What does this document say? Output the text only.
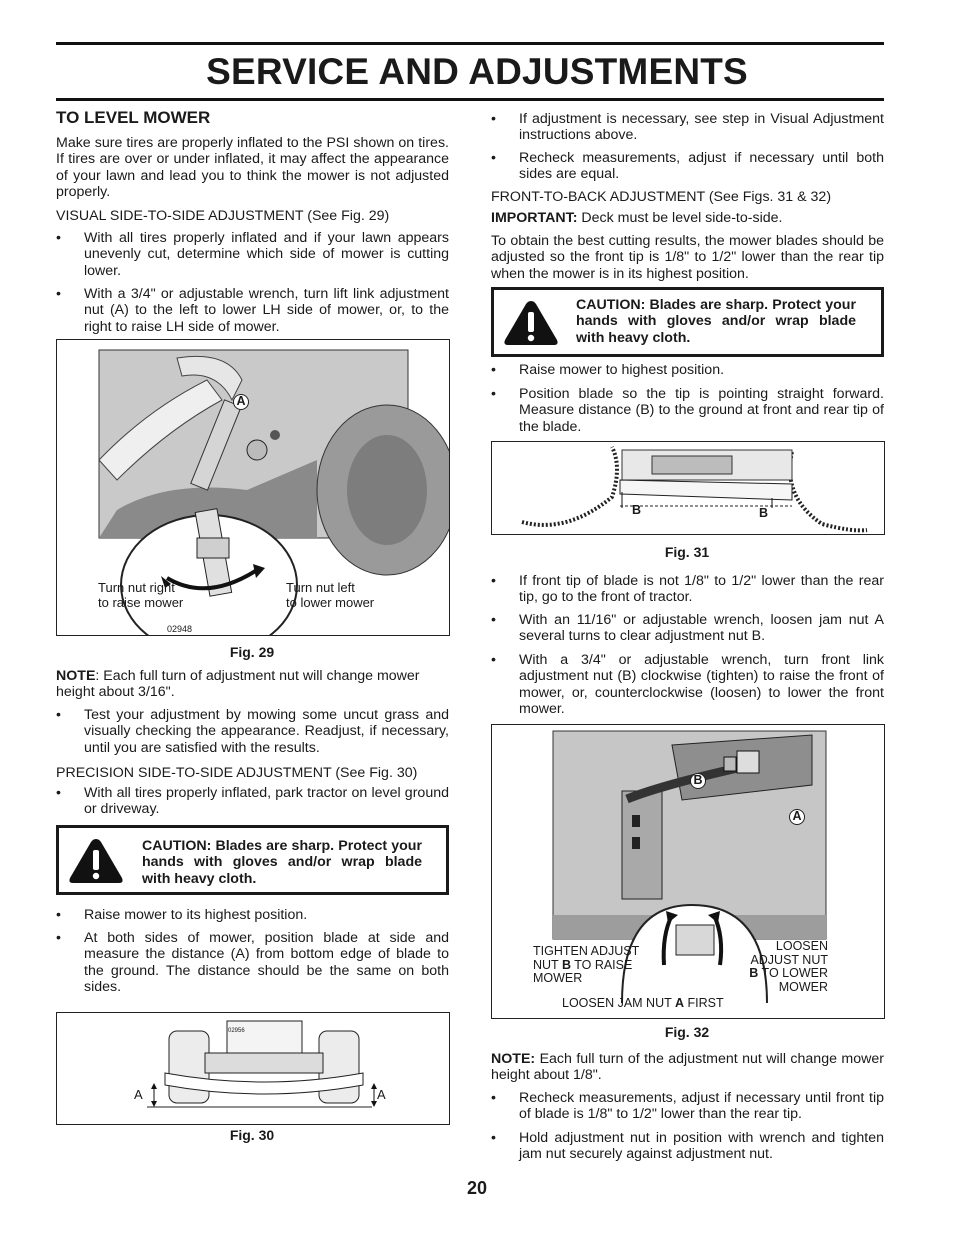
SERVICE AND ADJUSTMENTS
TO LEVEL MOWER
Make sure tires are properly inflated to the PSI shown on tires. If tires are over or under inflated, it may affect the appearance of your lawn and lead you to think the mower is not adjusted properly.
VISUAL SIDE-TO-SIDE ADJUSTMENT (See Fig. 29)
• With all tires properly inflated and if your lawn appears unevenly cut, determine which side of mower is cutting lower.
• With a 3/4" or adjustable wrench, turn lift link adjustment nut (A) to the left to lower LH side of mower, or, to the right to raise LH side of mower.
A
Turn nut right
to raise mower
Turn nut left
to lower mower
02948
Fig. 29
NOTE: Each full turn of adjustment nut will change mower height about 3/16".
• Test your adjustment by mowing some uncut grass and visually checking the appearance. Readjust, if necessary, until you are satisfied with the results.
PRECISION SIDE-TO-SIDE ADJUSTMENT (See Fig. 30)
• With all tires properly inflated, park tractor on level ground or driveway.
CAUTION: Blades are sharp. Protect your hands with gloves and/or wrap blade with heavy cloth.
• Raise mower to its highest position.
• At both sides of mower, position blade at side and measure the distance (A) from bottom edge of blade to the ground. The distance should be the same on both sides.
A	A
02956
Fig. 30
• If adjustment is necessary, see step in Visual Adjustment instructions above.
• Recheck measurements, adjust if necessary until both sides are equal.
FRONT-TO-BACK ADJUSTMENT (See Figs. 31 & 32)
IMPORTANT: Deck must be level side-to-side.
To obtain the best cutting results, the mower blades should be adjusted so the front tip is 1/8" to 1/2" lower than the rear tip when the mower is in its highest position.
CAUTION: Blades are sharp. Protect your hands with gloves and/or wrap blade with heavy cloth.
• Raise mower to highest position.
• Position blade so the tip is pointing straight forward. Measure distance (B) to the ground at front and rear tip of the blade.
B	B
Fig. 31
• If front tip of blade is not 1/8" to 1/2" lower than the rear tip, go to the front of tractor.
• With an 11/16" or adjustable wrench, loosen jam nut A several turns to clear adjustment nut B.
• With a 3/4" or adjustable wrench, turn front link adjustment nut (B) clockwise (tighten) to raise the front of mower, or, counterclockwise (loosen) to lower the front mower.
B
A
TIGHTEN ADJUST
NUT B TO RAISE
MOWER
LOOSEN
ADJUST NUT
B TO LOWER
MOWER
LOOSEN JAM NUT A FIRST
Fig. 32
NOTE: Each full turn of the adjustment nut will change mower height about 1/8".
• Recheck measurements, adjust if necessary until front tip of blade is 1/8" to 1/2" lower than the rear tip.
• Hold adjustment nut in position with wrench and tighten jam nut securely against adjustment nut.
20
